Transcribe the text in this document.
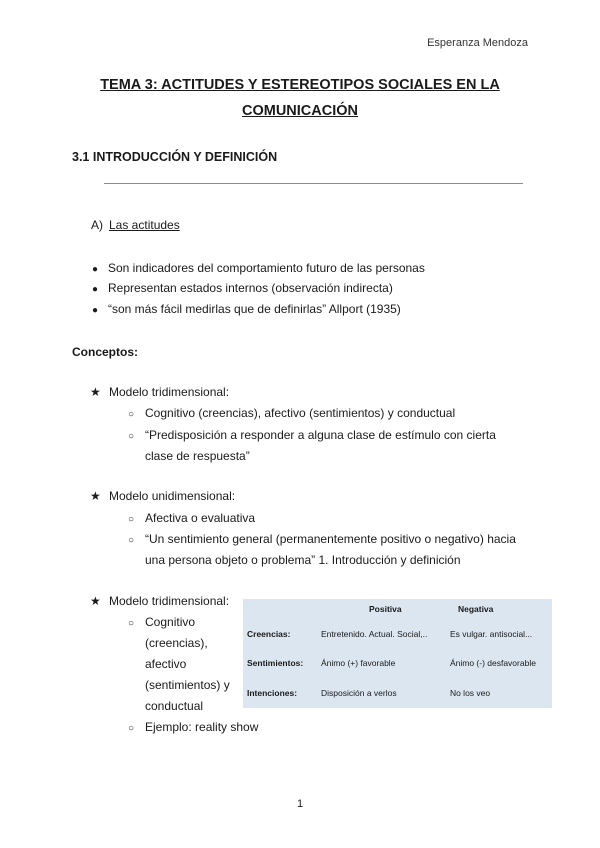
Esperanza Mendoza
TEMA 3: ACTITUDES Y ESTEREOTIPOS SOCIALES EN LA
COMUNICACIÓN
3.1 INTRODUCCIÓN Y DEFINICIÓN
A) Las actitudes
● Son indicadores del comportamiento futuro de las personas
● Representan estados internos (observación indirecta)
● “son más fácil medirlas que de definirlas” Allport (1935)
Conceptos:
★ Modelo tridimensional:
○ Cognitivo (creencias), afectivo (sentimientos) y conductual
○ “Predisposición a responder a alguna clase de estímulo con cierta
clase de respuesta”
★ Modelo unidimensional:
○ Afectiva o evaluativa
○ “Un sentimiento general (permanentemente positivo o negativo) hacia
una persona objeto o problema” 1. Introducción y definición
★ Modelo tridimensional:
○ Cognitivo
(creencias),
afectivo
(sentimientos) y
conductual
○ Ejemplo: reality show
	Positiva	Negativa
Creencias:	Entretenido. Actual. Social,..	Es vulgar. antisocial...
Sentimientos:	Ánimo (+) favorable	Ánimo (-) desfavorable
Intenciones:	Disposición a verlos	No los veo
1
